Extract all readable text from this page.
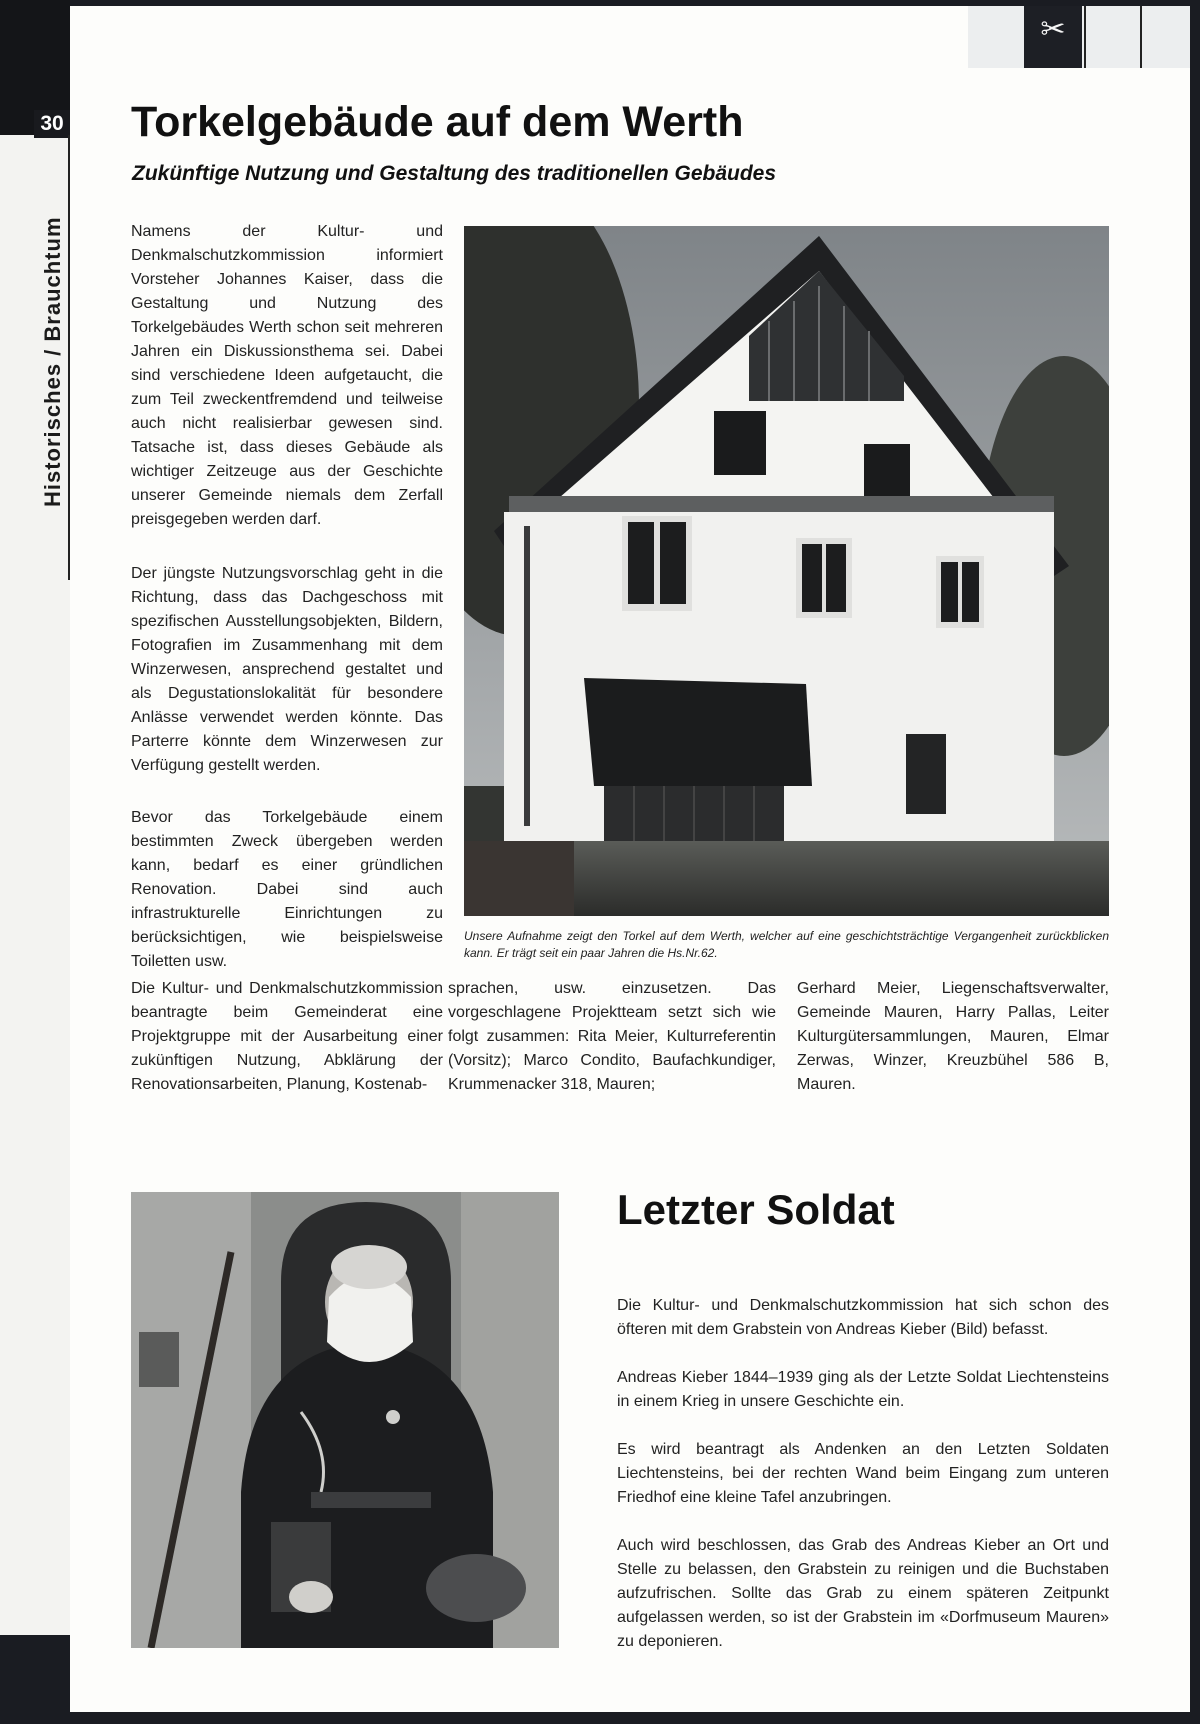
30
Historisches / Brauchtum
✂
Torkelgebäude auf dem Werth
Zukünftige Nutzung und Gestaltung des traditionellen Gebäudes

Namens der Kultur- und Denkmalschutzkommission informiert Vorsteher Johannes Kaiser, dass die Gestaltung und Nutzung des Torkelgebäudes Werth schon seit mehreren Jahren ein Diskussionsthema sei. Dabei sind verschiedene Ideen aufgetaucht, die zum Teil zweckentfremdend und teilweise auch nicht realisierbar gewesen sind. Tatsache ist, dass dieses Gebäude als wichtiger Zeitzeuge aus der Geschichte unserer Gemeinde niemals dem Zerfall preisgegeben werden darf.

Der jüngste Nutzungsvorschlag geht in die Richtung, dass das Dachgeschoss mit spezifischen Ausstellungsobjekten, Bildern, Fotografien im Zusammenhang mit dem Winzerwesen, ansprechend gestaltet und als Degustationslokalität für besondere Anlässe verwendet werden könnte. Das Parterre könnte dem Winzerwesen zur Verfügung gestellt werden.

Bevor das Torkelgebäude einem bestimmten Zweck übergeben werden kann, bedarf es einer gründlichen Renovation. Dabei sind auch infrastrukturelle Einrichtungen zu berücksichtigen, wie beispielsweise Toiletten usw.

Unsere Aufnahme zeigt den Torkel auf dem Werth, welcher auf eine geschichtsträchtige Vergangenheit zurückblicken kann. Er trägt seit ein paar Jahren die Hs.Nr.62.

Die Kultur- und Denkmalschutzkommission beantragte beim Gemeinderat eine Projektgruppe mit der Ausarbeitung einer zukünftigen Nutzung, Abklärung der Renovationsarbeiten, Planung, Kostenab-

sprachen, usw. einzusetzen. Das vorgeschlagene Projektteam setzt sich wie folgt zusammen: Rita Meier, Kulturreferentin (Vorsitz); Marco Condito, Baufachkundiger, Krummenacker 318, Mauren;

Gerhard Meier, Liegenschaftsverwalter, Gemeinde Mauren, Harry Pallas, Leiter Kulturgütersammlungen, Mauren, Elmar Zerwas, Winzer, Kreuzbühel 586 B, Mauren.

Letzter Soldat

Die Kultur- und Denkmalschutzkommission hat sich schon des öfteren mit dem Grabstein von Andreas Kieber (Bild) befasst.

Andreas Kieber 1844–1939 ging als der Letzte Soldat Liechtensteins in einem Krieg in unsere Geschichte ein.

Es wird beantragt als Andenken an den Letzten Soldaten Liechtensteins, bei der rechten Wand beim Eingang zum unteren Friedhof eine kleine Tafel anzubringen.

Auch wird beschlossen, das Grab des Andreas Kieber an Ort und Stelle zu belassen, den Grabstein zu reinigen und die Buchstaben aufzufrischen. Sollte das Grab zu einem späteren Zeitpunkt aufgelassen werden, so ist der Grabstein im «Dorfmuseum Mauren» zu deponieren.
